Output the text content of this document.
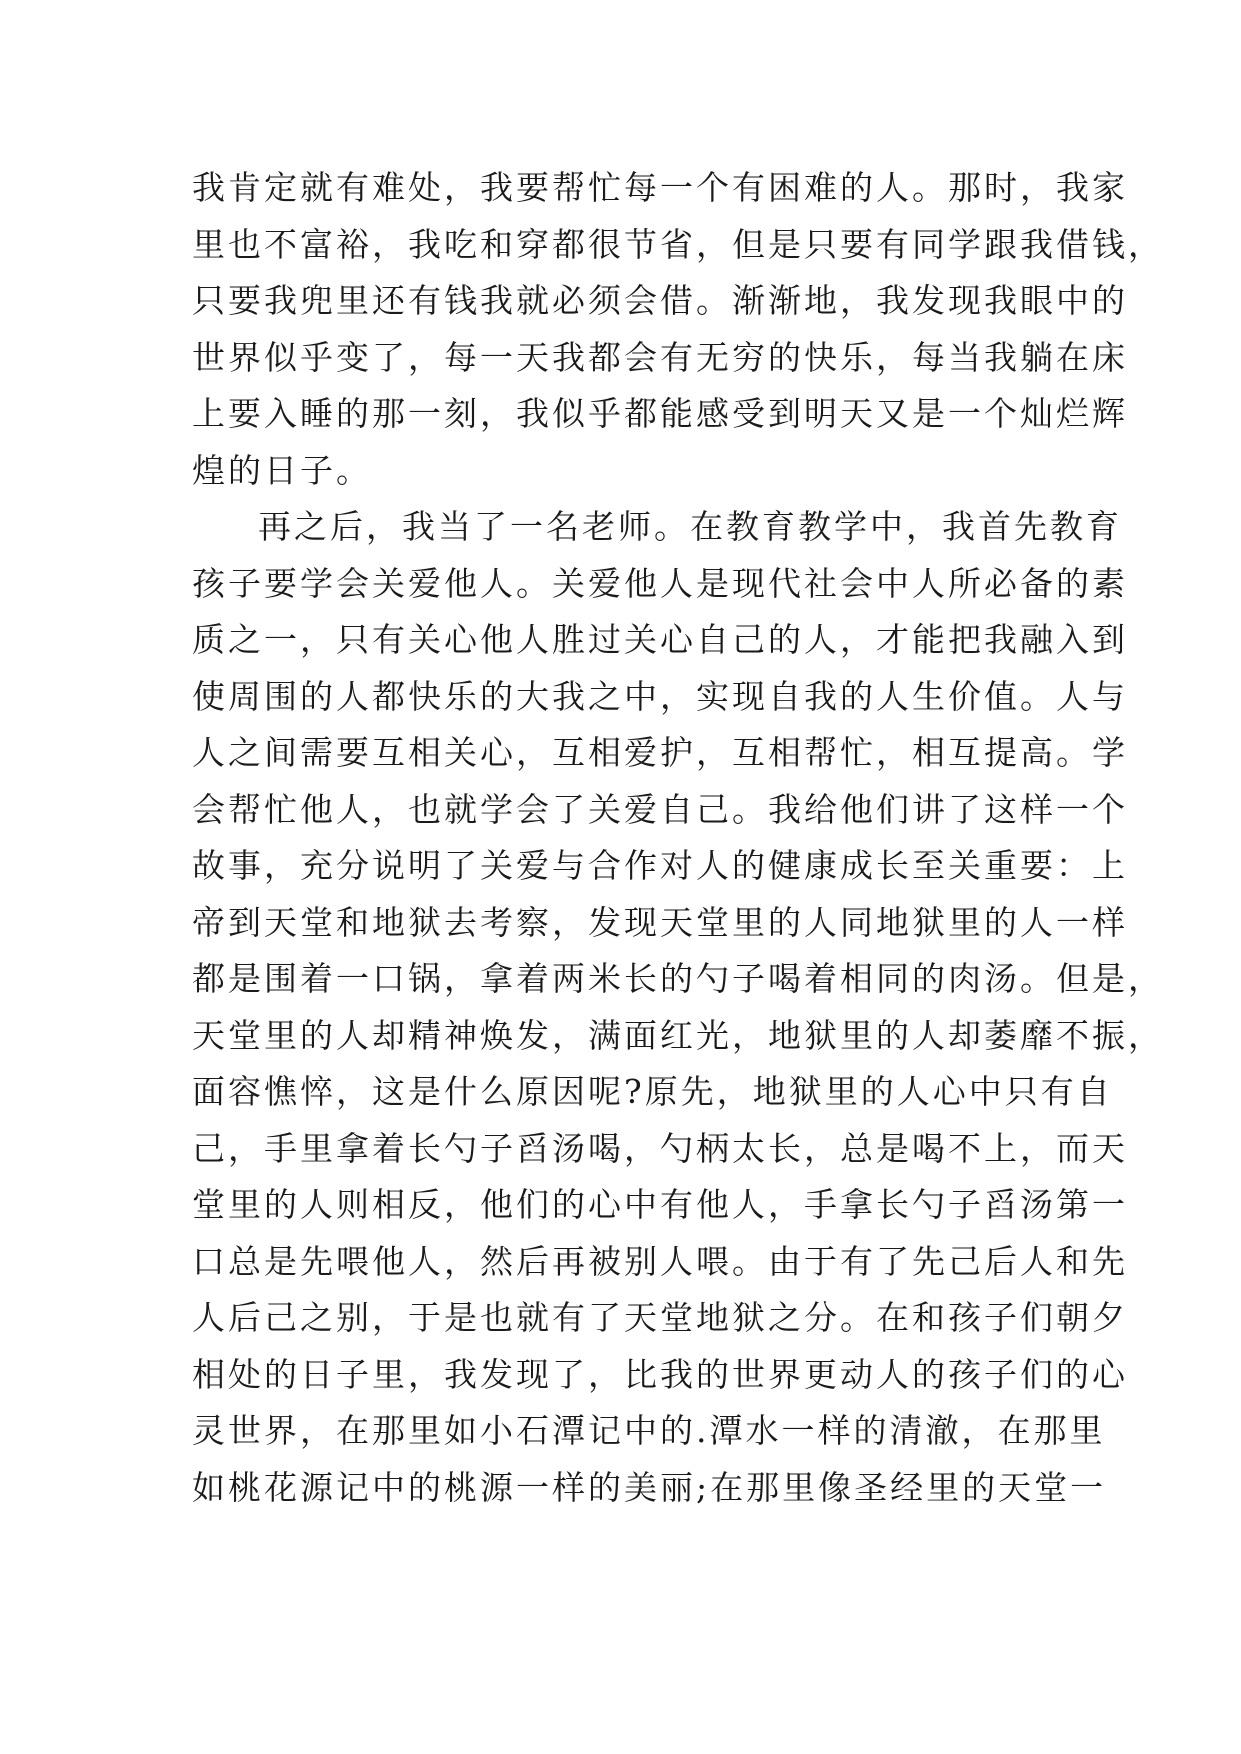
我肯定就有难处，我要帮忙每一个有困难的人。那时，我家
里也不富裕，我吃和穿都很节省，但是只要有同学跟我借钱，
只要我兜里还有钱我就必须会借。渐渐地，我发现我眼中的
世界似乎变了，每一天我都会有无穷的快乐，每当我躺在床
上要入睡的那一刻，我似乎都能感受到明天又是一个灿烂辉
煌的日子。
再之后，我当了一名老师。在教育教学中，我首先教育
孩子要学会关爱他人。关爱他人是现代社会中人所必备的素
质之一，只有关心他人胜过关心自己的人，才能把我融入到
使周围的人都快乐的大我之中，实现自我的人生价值。人与
人之间需要互相关心，互相爱护，互相帮忙，相互提高。学
会帮忙他人，也就学会了关爱自己。我给他们讲了这样一个
故事，充分说明了关爱与合作对人的健康成长至关重要：上
帝到天堂和地狱去考察，发现天堂里的人同地狱里的人一样
都是围着一口锅，拿着两米长的勺子喝着相同的肉汤。但是，
天堂里的人却精神焕发，满面红光，地狱里的人却萎靡不振，
面容憔悴，这是什么原因呢?原先，地狱里的人心中只有自
己，手里拿着长勺子舀汤喝，勺柄太长，总是喝不上，而天
堂里的人则相反，他们的心中有他人，手拿长勺子舀汤第一
口总是先喂他人，然后再被别人喂。由于有了先己后人和先
人后己之别，于是也就有了天堂地狱之分。在和孩子们朝夕
相处的日子里，我发现了，比我的世界更动人的孩子们的心
灵世界，在那里如小石潭记中的.潭水一样的清澈，在那里
如桃花源记中的桃源一样的美丽;在那里像圣经里的天堂一
